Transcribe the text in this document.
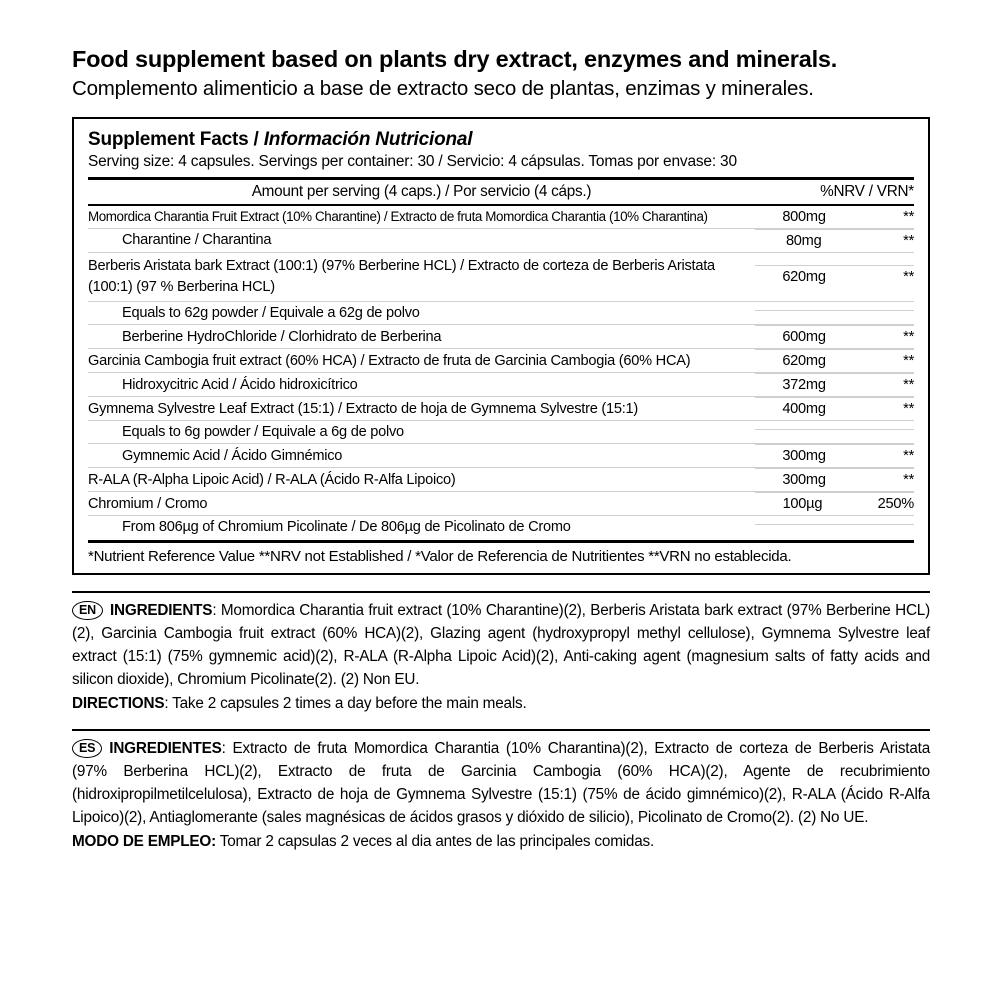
Food supplement based on plants dry extract, enzymes and minerals.
Complemento alimenticio a base de extracto seco de plantas, enzimas y minerales.
Supplement Facts / Información Nutricional
Serving size: 4 capsules. Servings per container: 30 / Servicio: 4 cápsulas. Tomas por envase: 30
Amount per serving (4 caps.) / Por servicio (4 cáps.)	%NRV / VRN*
Momordica Charantia Fruit Extract (10% Charantine) / Extracto de fruta Momordica Charantia (10% Charantina)		800mg	**

Charantine / Charantina		80mg	**

Berberis Aristata bark Extract (100:1) (97% Berberine HCL) / Extracto de corteza de Berberis Aristata (100:1) (97 % Berberina HCL)	
620mg	**

Equals to 62g powder / Equivale a 62g de polvo	

Berberine HydroChloride / Clorhidrato de Berberina		600mg	**

Garcinia Cambogia fruit extract (60% HCA) / Extracto de fruta de Garcinia Cambogia (60% HCA)		620mg	**

Hidroxycitric Acid / Ácido hidroxicítrico		372mg	**

Gymnema Sylvestre Leaf Extract (15:1) / Extracto de hoja de Gymnema Sylvestre (15:1)		400mg	**

Equals to 6g powder / Equivale a 6g de polvo	

Gymnemic Acid / Ácido Gimnémico		300mg	**

R-ALA (R-Alpha Lipoic Acid) / R-ALA (Ácido R-Alfa Lipoico)		300mg	**

Chromium / Cromo		100µg	250%

From 806µg of Chromium Picolinate / De 806µg de Picolinato de Cromo	

*Nutrient Reference Value **NRV not Established / *Valor de Referencia de Nutritientes **VRN no establecida.
EN INGREDIENTS: Momordica Charantia fruit extract (10% Charantine)(2), Berberis Aristata bark extract (97% Berberine HCL)(2), Garcinia Cambogia fruit extract (60% HCA)(2), Glazing agent (hydroxypropyl methyl cellulose), Gymnema Sylvestre leaf extract (15:1) (75% gymnemic acid)(2), R-ALA (R-Alpha Lipoic Acid)(2), Anti-caking agent (magnesium salts of fatty acids and silicon dioxide), Chromium Picolinate(2). (2) Non EU.
DIRECTIONS: Take 2 capsules 2 times a day before the main meals.
ES INGREDIENTES: Extracto de fruta Momordica Charantia (10% Charantina)(2), Extracto de corteza de Berberis Aristata (97% Berberina HCL)(2), Extracto de fruta de Garcinia Cambogia (60% HCA)(2), Agente de recubrimiento (hidroxipropilmetilcelulosa), Extracto de hoja de Gymnema Sylvestre (15:1) (75% de ácido gimnémico)(2), R-ALA (Ácido R-Alfa Lipoico)(2), Antiaglomerante (sales magnésicas de ácidos grasos y dióxido de silicio), Picolinato de Cromo(2). (2) No UE.
MODO DE EMPLEO: Tomar 2 capsulas 2 veces al dia antes de las principales comidas.
